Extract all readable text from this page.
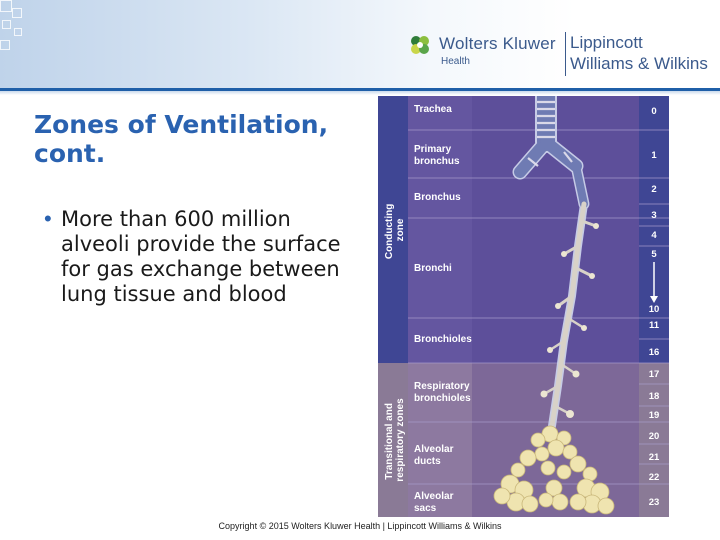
Wolters Kluwer
Health
Lippincott
Williams & Wilkins
Zones of Ventilation,
cont.
• More than 600 million alveoli provide the surface for gas exchange between lung tissue and blood
Conducting zone
Transitional and respiratory zones
Trachea
Primary
bronchus
Bronchus
Bronchi
Bronchioles
Respiratory
bronchioles
Alveolar
ducts
Alveolar
sacs
0
1
2
3
4
5
10
11
16
17
18
19
20
21
22
23
Copyright © 2015 Wolters Kluwer Health | Lippincott Williams & Wilkins
